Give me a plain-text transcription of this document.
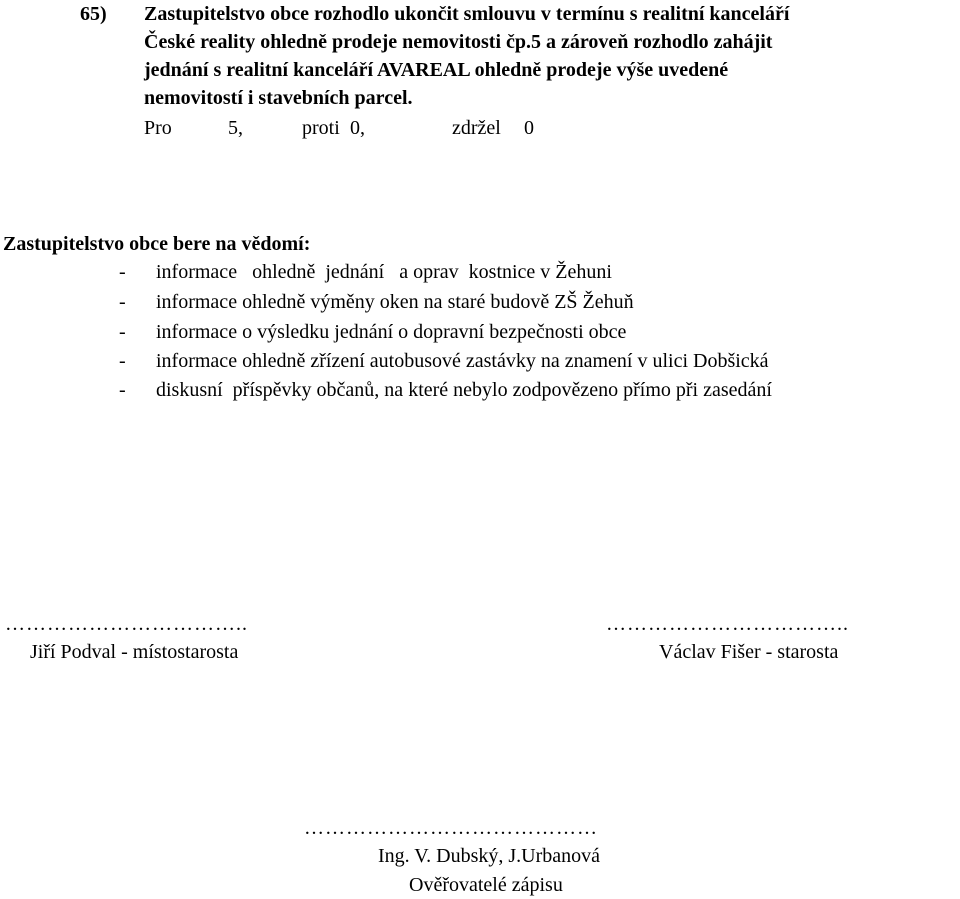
65) Zastupitelstvo obce rozhodlo ukončit smlouvu v termínu s realitní kanceláří
České reality ohledně prodeje nemovitosti čp.5 a zároveň rozhodlo zahájit
jednání s realitní kanceláří AVAREAL ohledně prodeje výše uvedené
nemovitostí i stavebních parcel.
Pro	5,	proti 0,	zdržel 0
Zastupitelstvo obce bere na vědomí:
- informace   ohledně  jednání   a oprav  kostnice v Žehuni
- informace ohledně výměny oken na staré budově ZŠ Žehuň
- informace o výsledku jednání o dopravní bezpečnosti obce
- informace ohledně zřízení autobusové zastávky na znamení v ulici Dobšická
- diskusní  příspěvky občanů, na které nebylo zodpovězeno přímo při zasedání
……………………………..
Jiří Podval - místostarosta
……………………………..
Václav Fišer - starosta
……………………………………
Ing. V. Dubský, J.Urbanová
Ověřovatelé zápisu
